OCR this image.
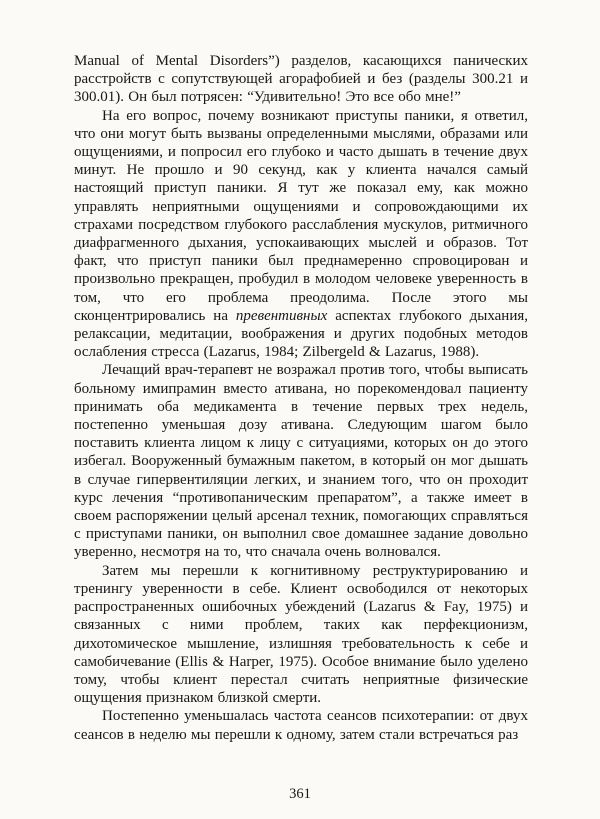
Manual of Mental Disorders”) разделов, касающихся панических расстройств с сопутствующей агорафобией и без (разделы 300.21 и 300.01). Он был потрясен: “Удивительно! Это все обо мне!”

На его вопрос, почему возникают приступы паники, я ответил, что они могут быть вызваны определенными мыслями, образами или ощущениями, и попросил его глубоко и часто дышать в течение двух минут. Не прошло и 90 секунд, как у клиента начался самый настоящий приступ паники. Я тут же показал ему, как можно управлять неприятными ощущениями и сопровождающими их страхами посредством глубокого расслабления мускулов, ритмичного диафрагменного дыхания, успокаивающих мыслей и образов. Тот факт, что приступ паники был преднамеренно спровоцирован и произвольно прекращен, пробудил в молодом человеке уверенность в том, что его проблема преодолима. После этого мы сконцентрировались на превентивных аспектах глубокого дыхания, релаксации, медитации, воображения и других подобных методов ослабления стресса (Lazarus, 1984; Zilbergeld & Lazarus, 1988).

Лечащий врач-терапевт не возражал против того, чтобы выписать больному имипрамин вместо ативана, но порекомендовал пациенту принимать оба медикамента в течение первых трех недель, постепенно уменьшая дозу ативана. Следующим шагом было поставить клиента лицом к лицу с ситуациями, которых он до этого избегал. Вооруженный бумажным пакетом, в который он мог дышать в случае гипервентиляции легких, и знанием того, что он проходит курс лечения “противопаническим препаратом”, а также имеет в своем распоряжении целый арсенал техник, помогающих справляться с приступами паники, он выполнил свое домашнее задание довольно уверенно, несмотря на то, что сначала очень волновался.

Затем мы перешли к когнитивному реструктурированию и тренингу уверенности в себе. Клиент освободился от некоторых распространенных ошибочных убеждений (Lazarus & Fay, 1975) и связанных с ними проблем, таких как перфекционизм, дихотомическое мышление, излишняя требовательность к себе и самобичевание (Ellis & Harper, 1975). Особое внимание было уделено тому, чтобы клиент перестал считать неприятные физические ощущения признаком близкой смерти.

Постепенно уменьшалась частота сеансов психотерапии: от двух сеансов в неделю мы перешли к одному, затем стали встречаться раз

361
